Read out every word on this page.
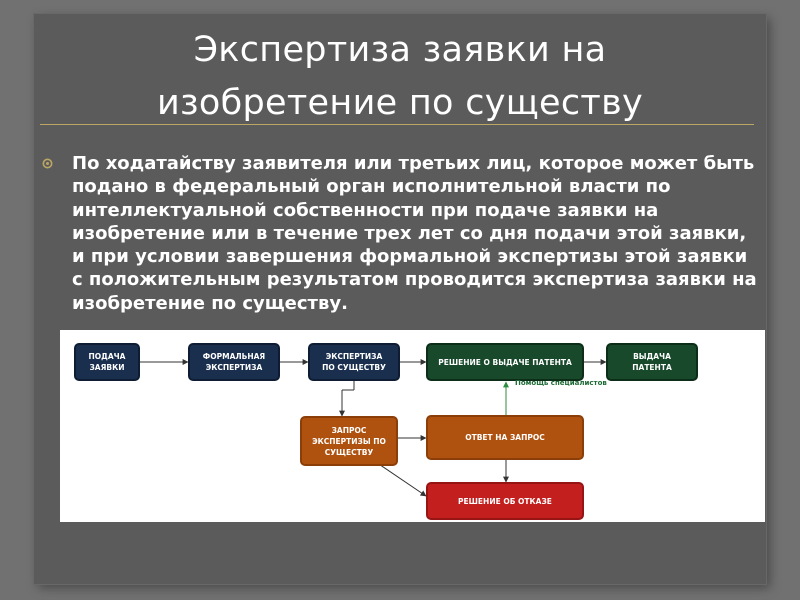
Экспертиза заявки на
изобретение по существу
По ходатайству заявителя или третьих лиц, которое может быть подано в федеральный орган исполнительной власти по интеллектуальной собственности при подаче заявки на изобретение или в течение трех лет со дня подачи этой заявки, и при условии завершения формальной экспертизы этой заявки с положительным результатом проводится экспертиза заявки на изобретение по существу.
ПОДАЧА
ЗАЯВКИ
ФОРМАЛЬНАЯ
ЭКСПЕРТИЗА
ЭКСПЕРТИЗА
ПО СУЩЕСТВУ
РЕШЕНИЕ О ВЫДАЧЕ ПАТЕНТА
ВЫДАЧА
ПАТЕНТА
ЗАПРОС
ЭКСПЕРТИЗЫ ПО
СУЩЕСТВУ
ОТВЕТ НА ЗАПРОС
РЕШЕНИЕ ОБ ОТКАЗЕ
Помощь специалистов
